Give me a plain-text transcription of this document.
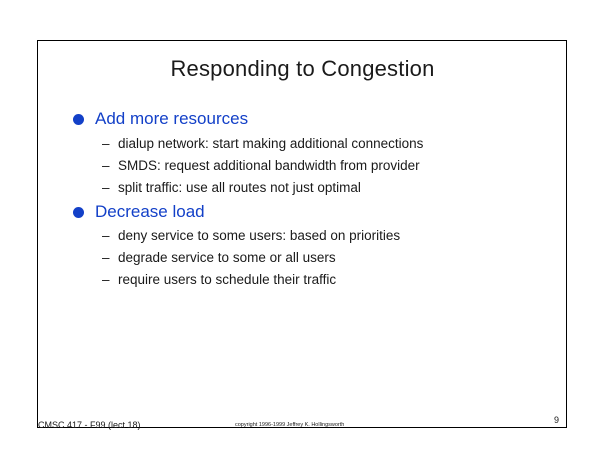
Responding to Congestion
Add more resources
– dialup network: start making additional connections
– SMDS: request additional bandwidth from provider
– split traffic: use all routes not just optimal
Decrease load
– deny service to some users: based on priorities
– degrade service to some or all users
– require users to schedule their traffic
CMSC 417 - F99 (lect 18)	copyright 1996-1999 Jeffrey K. Hollingsworth	9
